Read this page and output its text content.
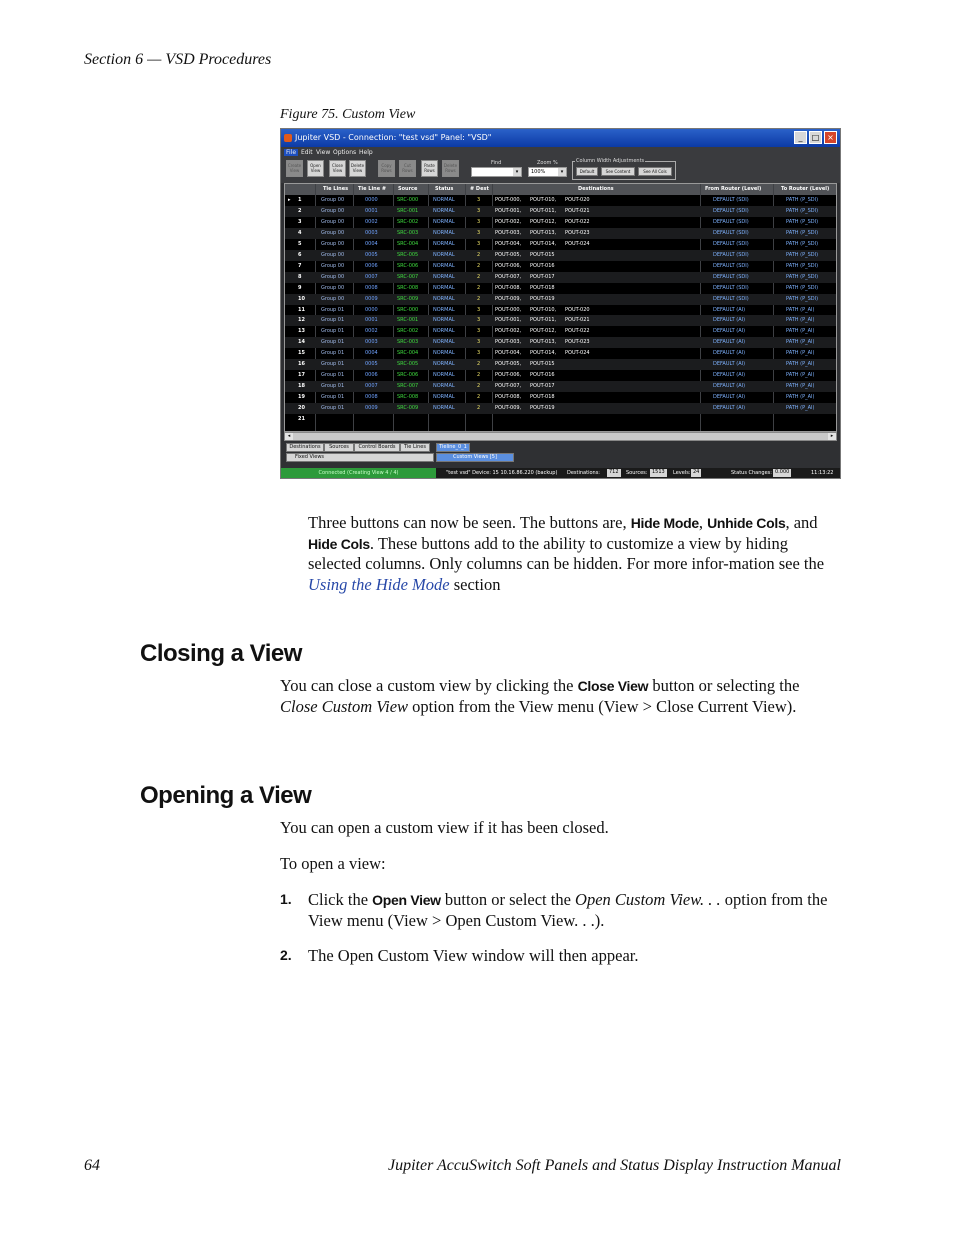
Section 6 — VSD Procedures
Figure 75. Custom View
Jupiter VSD - Connection: "test vsd" Panel: "VSD"	_	□ ×
File Edit View Options Help
Find
▾
Zoom %
100%	▾
Column Width Adjustments
Default	See Content	See All Cols
Create
View
Open
View
Close
View
Delete
View
Copy
Rows
Cut
Rows
Paste
Rows
Delete
Rows
Tie Lines Tie Line # Source	Status	# Dest	Destinations	From Router (Level)	To Router (Level)
▸ 1	Group 00	0000	SRC-000	NORMAL	3	POUT-000, POUT-010, POUT-020	DEFAULT (SDI)	PATH (P_SDI)
2	Group 00	0001	SRC-001	NORMAL	3	POUT-001, POUT-011, POUT-021	DEFAULT (SDI)	PATH (P_SDI)
3	Group 00	0002	SRC-002	NORMAL	3	POUT-002, POUT-012, POUT-022	DEFAULT (SDI)	PATH (P_SDI)
4	Group 00	0003	SRC-003	NORMAL	3	POUT-003, POUT-013, POUT-023	DEFAULT (SDI)	PATH (P_SDI)
5	Group 00	0004	SRC-004	NORMAL	3	POUT-004, POUT-014, POUT-024	DEFAULT (SDI)	PATH (P_SDI)
6	Group 00	0005	SRC-005	NORMAL	2	POUT-005, POUT-015	DEFAULT (SDI)	PATH (P_SDI)
7	Group 00	0006	SRC-006	NORMAL	2	POUT-006, POUT-016	DEFAULT (SDI)	PATH (P_SDI)
8	Group 00	0007	SRC-007	NORMAL	2	POUT-007, POUT-017	DEFAULT (SDI)	PATH (P_SDI)
9	Group 00	0008	SRC-008	NORMAL	2	POUT-008, POUT-018	DEFAULT (SDI)	PATH (P_SDI)
10	Group 00	0009	SRC-009	NORMAL	2	POUT-009, POUT-019	DEFAULT (SDI)	PATH (P_SDI)
11	Group 01	0000	SRC-000	NORMAL	3	POUT-000, POUT-010, POUT-020	DEFAULT (AI)	PATH (P_AI)
12	Group 01	0001	SRC-001	NORMAL	3	POUT-001, POUT-011, POUT-021	DEFAULT (AI)	PATH (P_AI)
13	Group 01	0002	SRC-002	NORMAL	3	POUT-002, POUT-012, POUT-022	DEFAULT (AI)	PATH (P_AI)
14	Group 01	0003	SRC-003	NORMAL	3	POUT-003, POUT-013, POUT-023	DEFAULT (AI)	PATH (P_AI)
15	Group 01	0004	SRC-004	NORMAL	3	POUT-004, POUT-014, POUT-024	DEFAULT (AI)	PATH (P_AI)
16	Group 01	0005	SRC-005	NORMAL	2	POUT-005, POUT-015	DEFAULT (AI)	PATH (P_AI)
17	Group 01	0006	SRC-006	NORMAL	2	POUT-006, POUT-016	DEFAULT (AI)	PATH (P_AI)
18	Group 01	0007	SRC-007	NORMAL	2	POUT-007, POUT-017	DEFAULT (AI)	PATH (P_AI)
19	Group 01	0008	SRC-008	NORMAL	2	POUT-008, POUT-018	DEFAULT (AI)	PATH (P_AI)
20	Group 01	0009	SRC-009	NORMAL	2	POUT-009, POUT-019	DEFAULT (AI)	PATH (P_AI)
21
◂	▸
Destinations	Sources	Control Boards	Tie Lines	Tieline_0_1
Fixed Views	Custom Views [5]
Connected (Creating View 4 / 4)	"test vsd" Device: 15 10.16.86.220 (backup) Destinations:	712	Sources: 1513	Levels: 24	Status Changes: 0.000	11:13:22
Three buttons can now be seen. The buttons are, Hide Mode, Unhide Cols, and Hide Cols. These buttons add to the ability to customize a view by hiding selected columns. Only columns can be hidden. For more infor-mation see the Using the Hide Mode section
Closing a View
You can close a custom view by clicking the Close View button or selecting the Close Custom View option from the View menu (View > Close Current View).
Opening a View
You can open a custom view if it has been closed.
To open a view:
1. Click the Open View button or select the Open Custom View. . . option from the View menu (View > Open Custom View. . .).
2. The Open Custom View window will then appear.
64	Jupiter AccuSwitch Soft Panels and Status Display Instruction Manual
